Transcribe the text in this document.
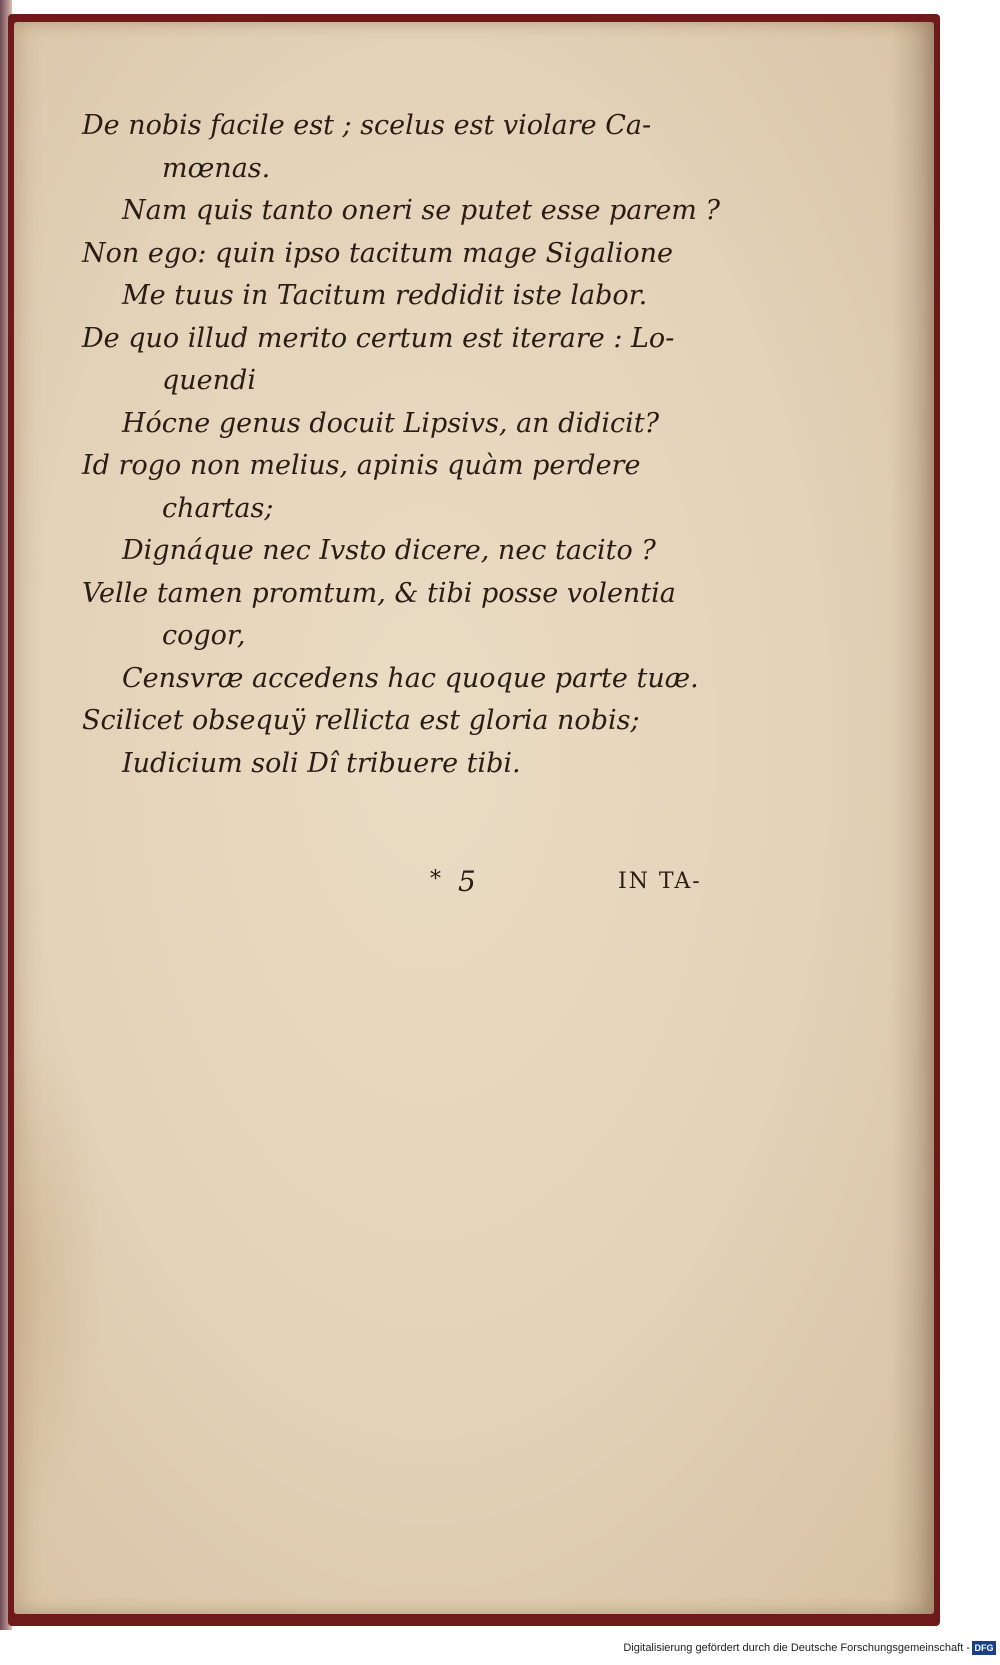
De nobis facile est ; scelus est violare Ca-
mœnas.
Nam quis tanto oneri se putet esse parem ?
Non ego: quin ipso tacitum mage Sigalione
Me tuus in Tacitum reddidit iste labor.
De quo illud merito certum est iterare : Lo-
quendi
Hócne genus docuit Lipsivs, an didicit?
Id rogo non melius, apinis quàm perdere
chartas;
Dignáque nec Ivsto dicere, nec tacito ?
Velle tamen promtum, & tibi posse volentia
cogor,
Censvræ accedens hac quoque parte tuæ.
Scilicet obsequÿ rellicta est gloria nobis;
Iudicium soli Dî tribuere tibi.
* 5	IN TA-
Digitalisierung gefördert durch die Deutsche Forschungsgemeinschaft - DFG
